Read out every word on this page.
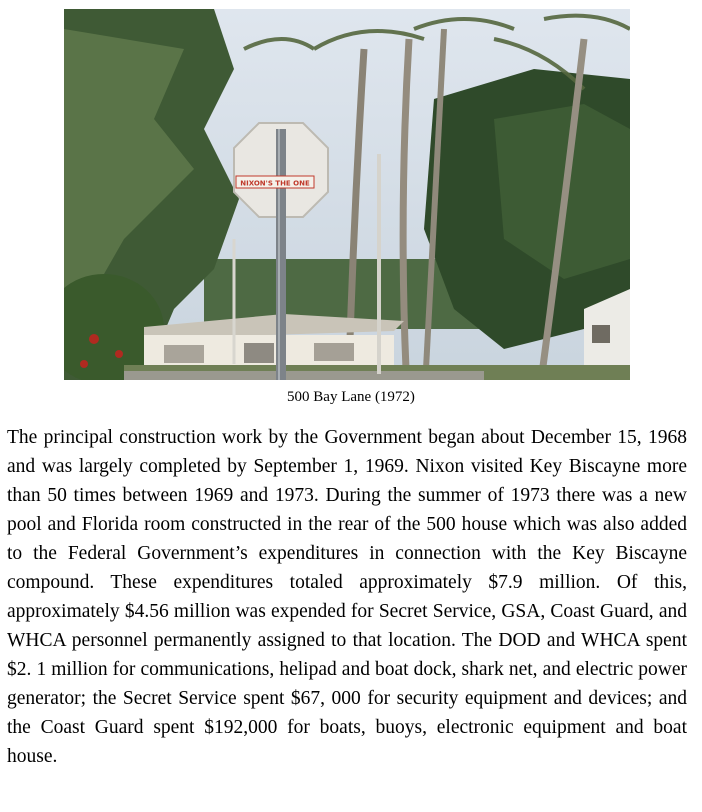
NIXON'S THE ONE
500 Bay Lane (1972)

The principal construction work by the Government began about December 15, 1968 and was largely completed by September 1, 1969. Nixon visited Key Biscayne more than 50 times between 1969 and 1973. During the summer of 1973 there was a new pool and Florida room constructed in the rear of the 500 house which was also added to the Federal Government’s expenditures in connection with the Key Biscayne compound. These expenditures totaled approximately $7.9 million. Of this, approximately $4.56 million was expended for Secret Service, GSA, Coast Guard, and WHCA personnel permanently assigned to that location. The DOD and WHCA spent $2. 1 million for communications, helipad and boat dock, shark net, and electric power generator; the Secret Service spent $67, 000 for security equipment and devices; and the Coast Guard spent $192,000 for boats, buoys, electronic equipment and boat house.
